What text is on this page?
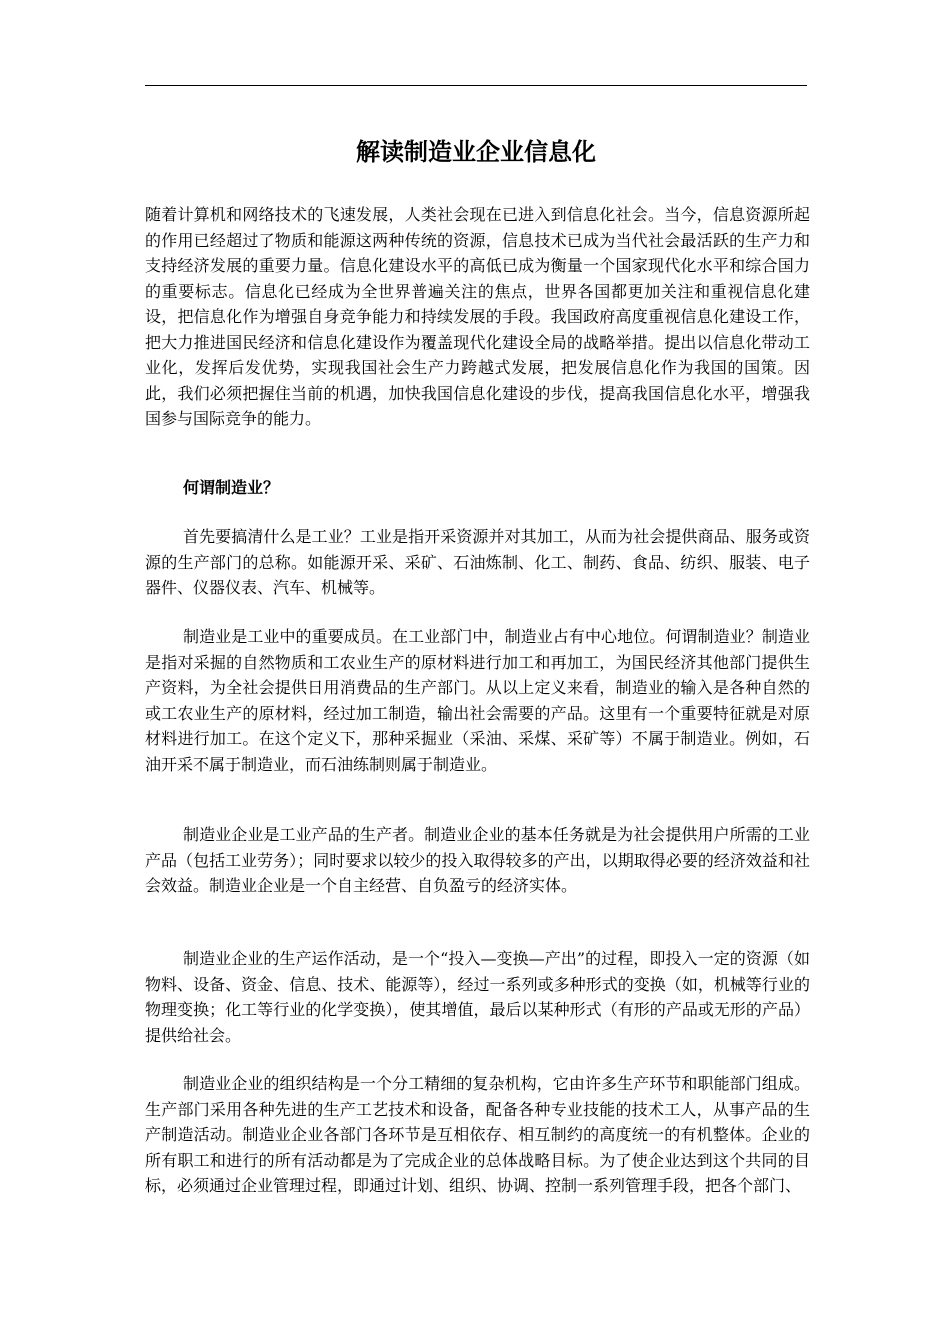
解读制造业企业信息化

随着计算机和网络技术的飞速发展，人类社会现在已进入到信息化社会。当今，信息资源所起的作用已经超过了物质和能源这两种传统的资源，信息技术已成为当代社会最活跃的生产力和支持经济发展的重要力量。信息化建设水平的高低已成为衡量一个国家现代化水平和综合国力的重要标志。信息化已经成为全世界普遍关注的焦点，世界各国都更加关注和重视信息化建设，把信息化作为增强自身竞争能力和持续发展的手段。我国政府高度重视信息化建设工作，把大力推进国民经济和信息化建设作为覆盖现代化建设全局的战略举措。提出以信息化带动工业化，发挥后发优势，实现我国社会生产力跨越式发展，把发展信息化作为我国的国策。因此，我们必须把握住当前的机遇，加快我国信息化建设的步伐，提高我国信息化水平，增强我国参与国际竞争的能力。

何谓制造业？

首先要搞清什么是工业？工业是指开采资源并对其加工，从而为社会提供商品、服务或资源的生产部门的总称。如能源开采、采矿、石油炼制、化工、制药、食品、纺织、服装、电子器件、仪器仪表、汽车、机械等。

制造业是工业中的重要成员。在工业部门中，制造业占有中心地位。何谓制造业？制造业是指对采掘的自然物质和工农业生产的原材料进行加工和再加工，为国民经济其他部门提供生产资料，为全社会提供日用消费品的生产部门。从以上定义来看，制造业的输入是各种自然的或工农业生产的原材料，经过加工制造，输出社会需要的产品。这里有一个重要特征就是对原材料进行加工。在这个定义下，那种采掘业（采油、采煤、采矿等）不属于制造业。例如，石油开采不属于制造业，而石油练制则属于制造业。

制造业企业是工业产品的生产者。制造业企业的基本任务就是为社会提供用户所需的工业产品（包括工业劳务）；同时要求以较少的投入取得较多的产出，以期取得必要的经济效益和社会效益。制造业企业是一个自主经营、自负盈亏的经济实体。

制造业企业的生产运作活动，是一个“投入—变换—产出”的过程，即投入一定的资源（如物料、设备、资金、信息、技术、能源等），经过一系列或多种形式的变换（如，机械等行业的物理变换；化工等行业的化学变换），使其增值，最后以某种形式（有形的产品或无形的产品）提供给社会。

制造业企业的组织结构是一个分工精细的复杂机构，它由许多生产环节和职能部门组成。生产部门采用各种先进的生产工艺技术和设备，配备各种专业技能的技术工人，从事产品的生产制造活动。制造业企业各部门各环节是互相依存、相互制约的高度统一的有机整体。企业的所有职工和进行的所有活动都是为了完成企业的总体战略目标。为了使企业达到这个共同的目标，必须通过企业管理过程，即通过计划、组织、协调、控制一系列管理手段，把各个部门、
